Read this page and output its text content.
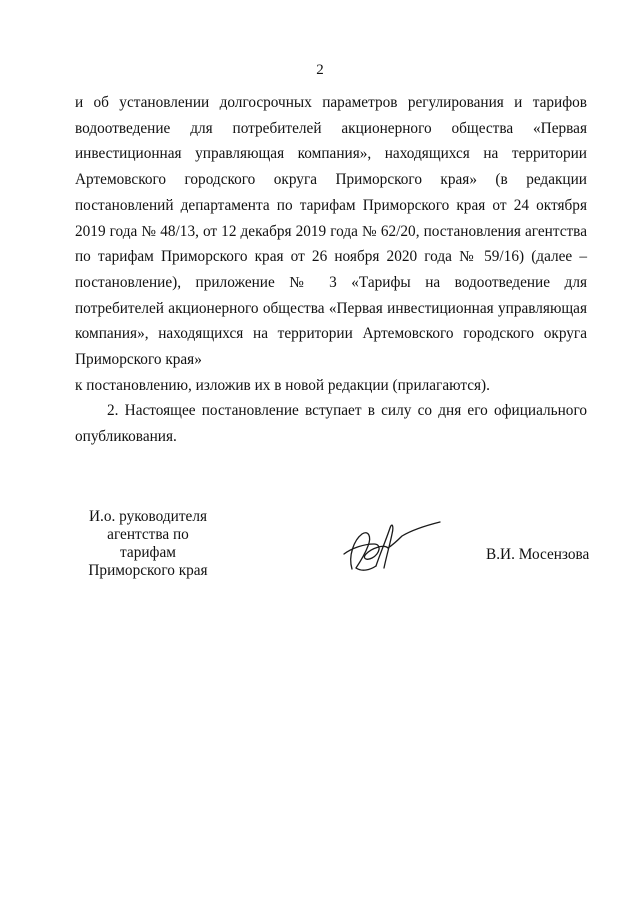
2

и об установлении долгосрочных параметров регулирования и тарифов водоотведение для потребителей акционерного общества «Первая инвестиционная управляющая компания», находящихся на территории Артемовского городского округа Приморского края» (в редакции постановлений департамента по тарифам Приморского края от 24 октября 2019 года № 48/13, от 12 декабря 2019 года № 62/20, постановления агентства по тарифам Приморского края от 26 ноября 2020 года № 59/16) (далее – постановление), приложение № 3 «Тарифы на водоотведение для потребителей акционерного общества «Первая инвестиционная управляющая компания», находящихся на территории Артемовского городского округа Приморского края»

к постановлению, изложив их в новой редакции (прилагаются).

2. Настоящее постановление вступает в силу со дня его официального опубликования.

И.о. руководителя
агентства по тарифам
Приморского края
В.И. Мосензова
